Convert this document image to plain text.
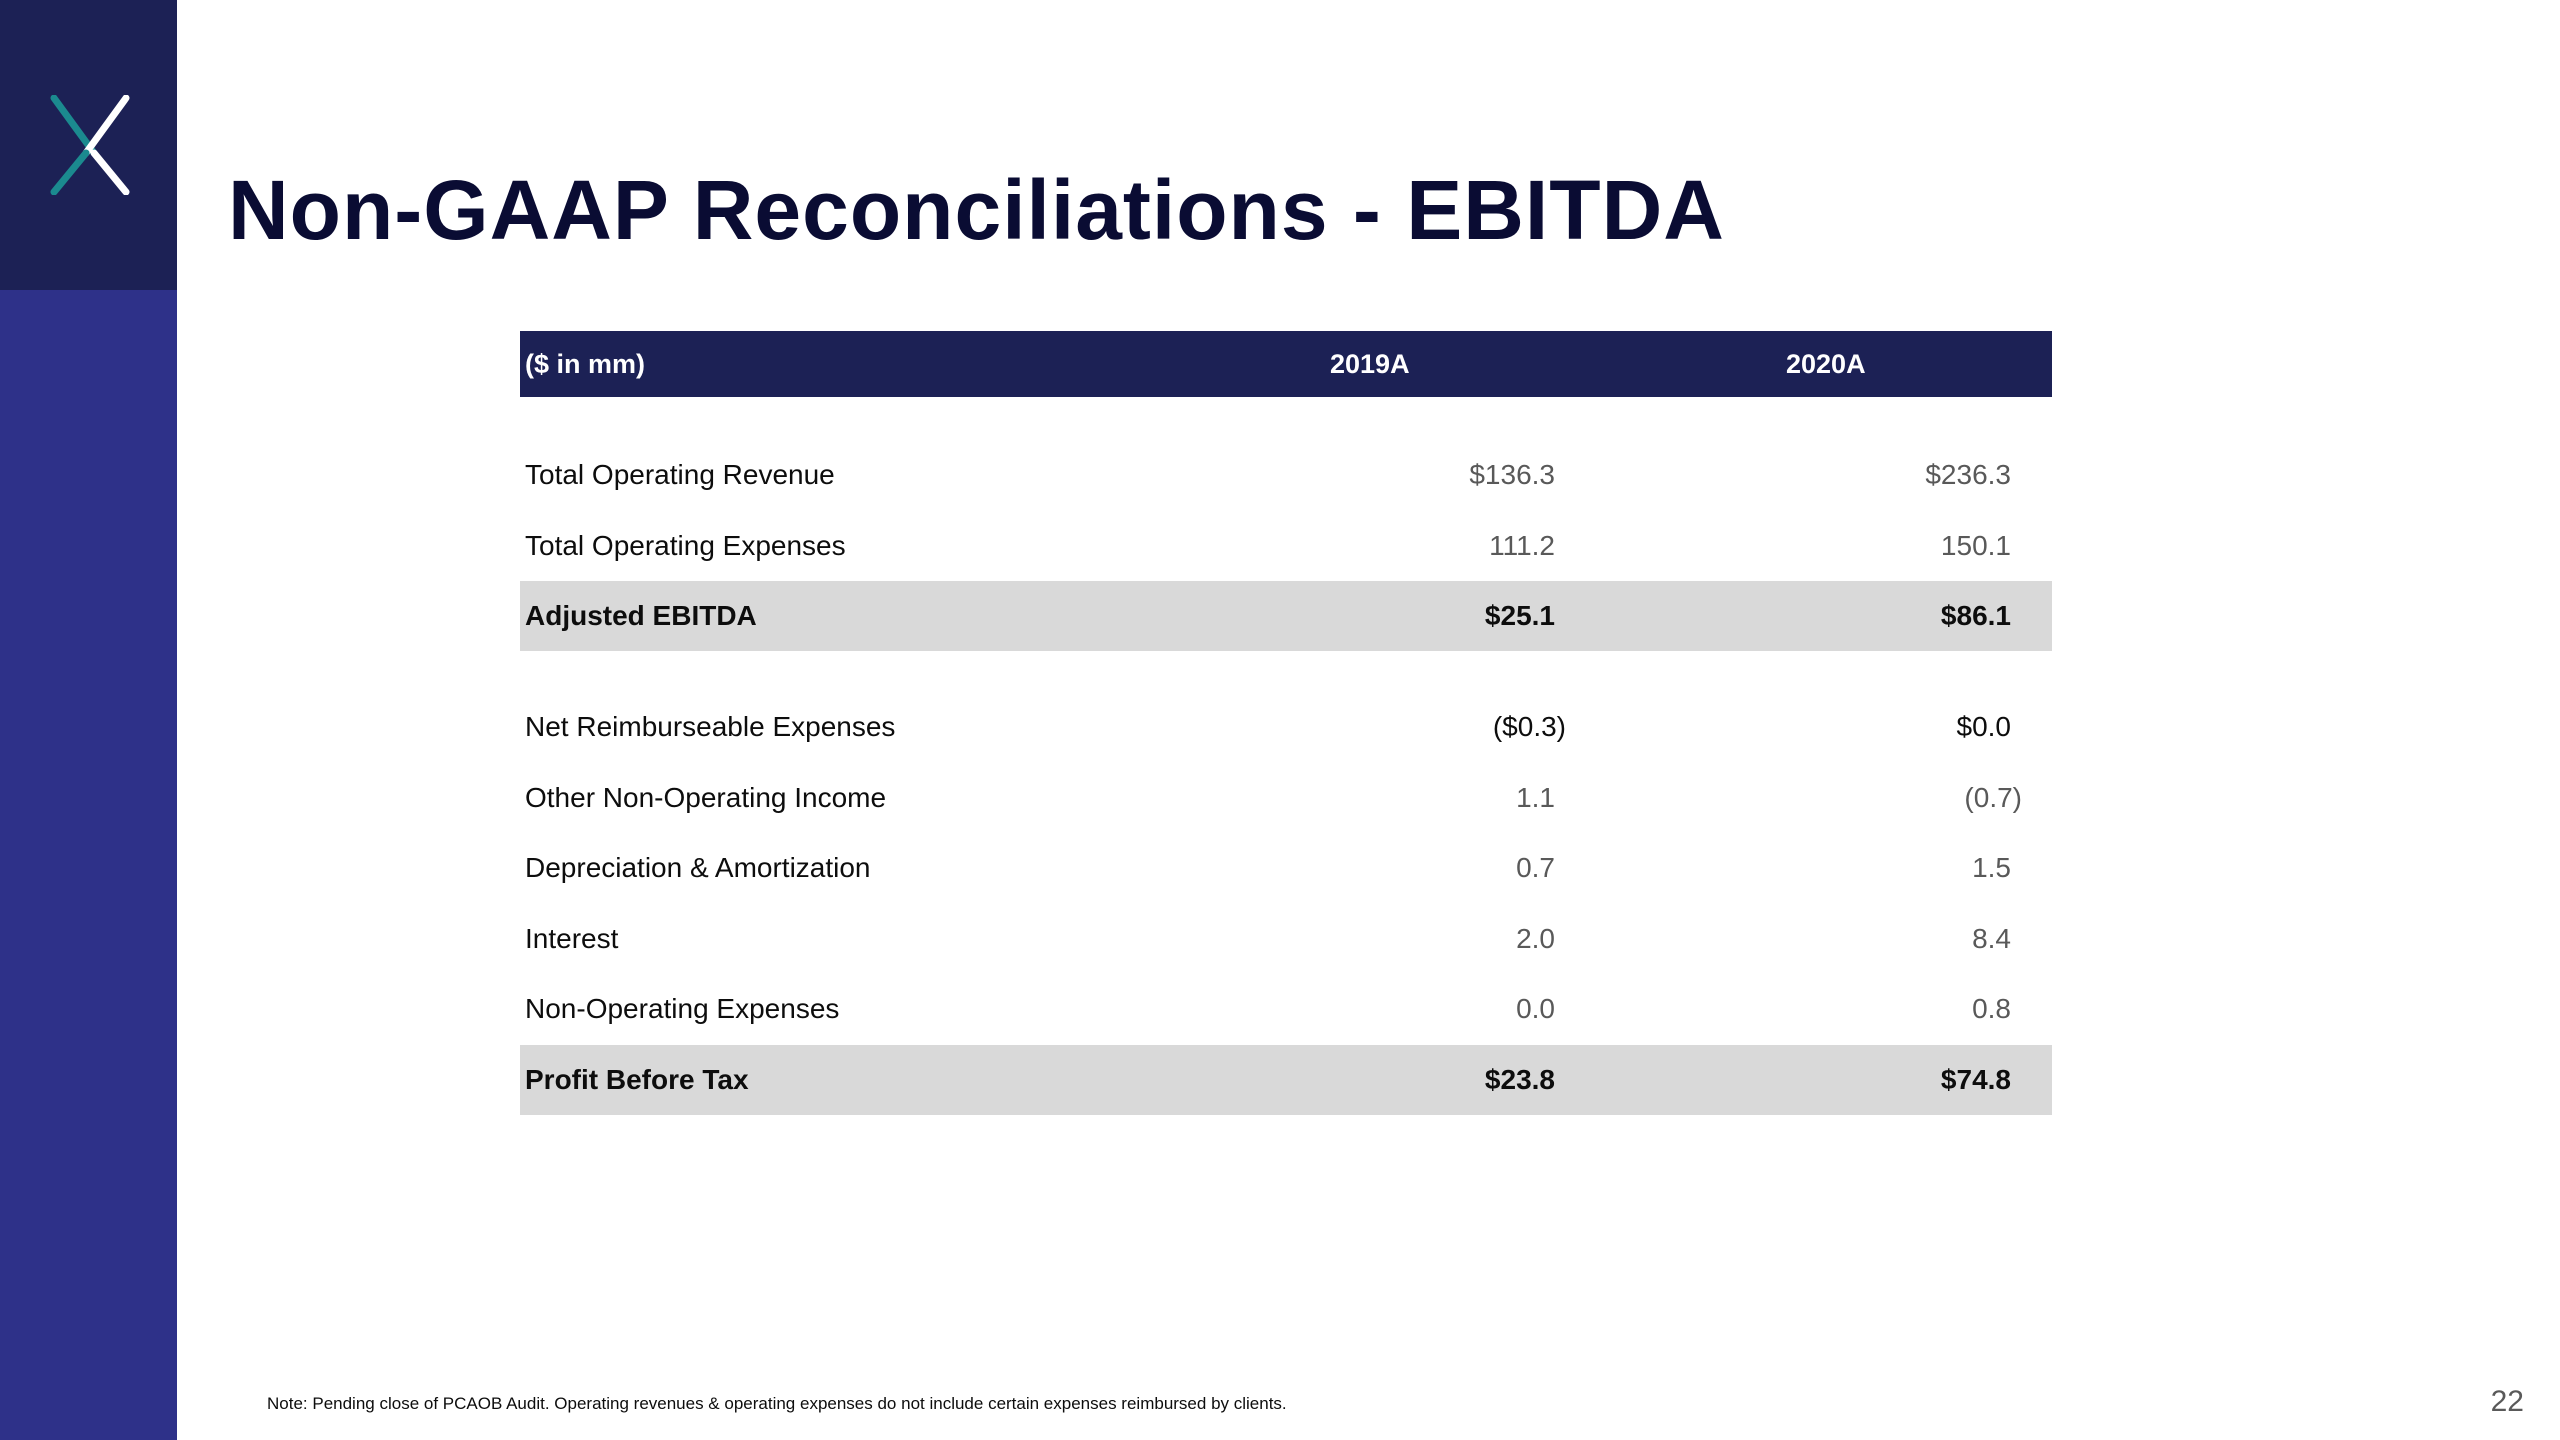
Non-GAAP Reconciliations - EBITDA
($ in mm)	2019A	2020A
Total Operating Revenue	$136.3	$236.3
Total Operating Expenses	111.2	150.1
Adjusted EBITDA	$25.1	$86.1
Net Reimburseable Expenses	($0.3)	$0.0
Other Non-Operating Income	1.1	(0.7)
Depreciation & Amortization	0.7	1.5
Interest	2.0	8.4
Non-Operating Expenses	0.0	0.8
Profit Before Tax	$23.8	$74.8
Note: Pending close of PCAOB Audit. Operating revenues & operating expenses do not include certain expenses reimbursed by clients.	22
